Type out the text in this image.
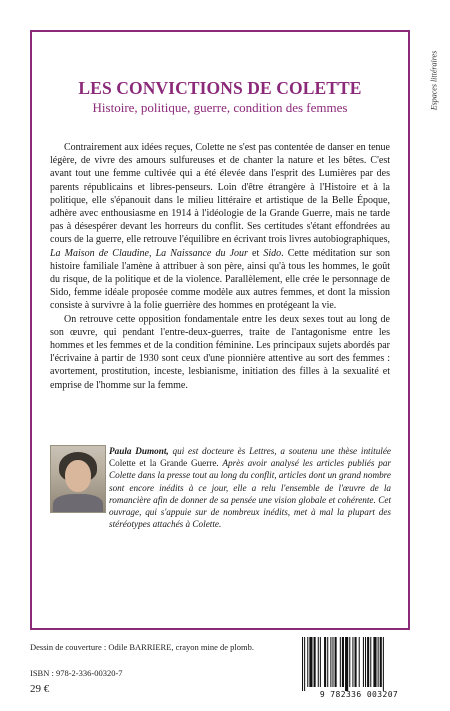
Espaces littéraires
LES CONVICTIONS DE COLETTE
Histoire, politique, guerre, condition des femmes

Contrairement aux idées reçues, Colette ne s'est pas contentée de danser en tenue légère, de vivre des amours sulfureuses et de chanter la nature et les bêtes. C'est avant tout une femme cultivée qui a été élevée dans l'esprit des Lumières par des parents républicains et libres-penseurs. Loin d'être étrangère à l'Histoire et à la politique, elle s'épanouit dans le milieu littéraire et artistique de la Belle Époque, adhère avec enthousiasme en 1914 à l'idéologie de la Grande Guerre, mais ne tarde pas à désespérer devant les horreurs du conflit. Ses certitudes s'étant effondrées au cours de la guerre, elle retrouve l'équilibre en écrivant trois livres autobiographiques, La Maison de Claudine, La Naissance du Jour et Sido. Cette méditation sur son histoire familiale l'amène à attribuer à son père, ainsi qu'à tous les hommes, le goût du risque, de la politique et de la violence. Parallèlement, elle crée le personnage de Sido, femme idéale proposée comme modèle aux autres femmes, et dont la mission consiste à survivre à la folie guerrière des hommes en protégeant la vie.

On retrouve cette opposition fondamentale entre les deux sexes tout au long de son œuvre, qui pendant l'entre-deux-guerres, traite de l'antagonisme entre les hommes et les femmes et de la condition féminine. Les principaux sujets abordés par l'écrivaine à partir de 1930 sont ceux d'une pionnière attentive au sort des femmes : avortement, prostitution, inceste, lesbianisme, initiation des filles à la sexualité et emprise de l'homme sur la femme.

Paula Dumont, qui est docteure ès Lettres, a soutenu une thèse intitulée Colette et la Grande Guerre. Après avoir analysé les articles publiés par Colette dans la presse tout au long du conflit, articles dont un grand nombre sont encore inédits à ce jour, elle a relu l'ensemble de l'œuvre de la romancière afin de donner de sa pensée une vision globale et cohérente. Cet ouvrage, qui s'appuie sur de nombreux inédits, met à mal la plupart des stéréotypes attachés à Colette.

Dessin de couverture : Odile BARRIERE, crayon mine de plomb.
ISBN : 978-2-336-00320-7
29 €	9 782336 003207
